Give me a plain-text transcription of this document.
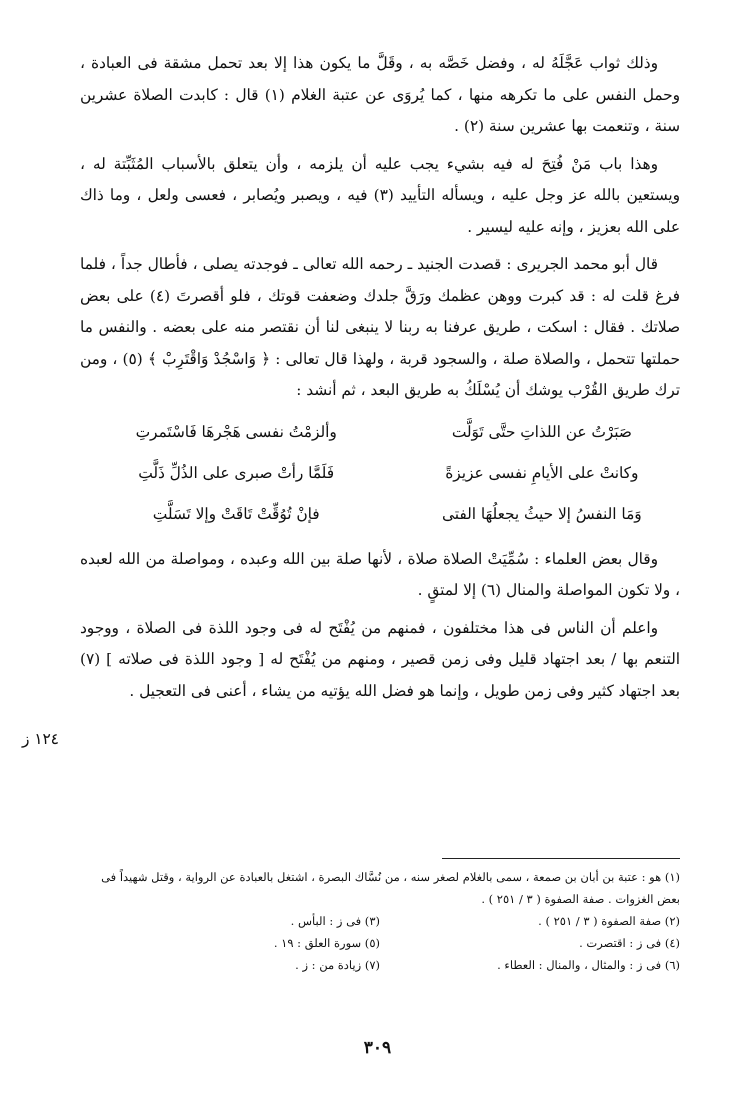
وذلك ثواب عَجَّلَهُ له ، وفضل خَصَّه به ، وقَلَّ ما يكون هذا إلا بعد تحمل مشقة فى العبادة ، وحمل النفس على ما تكرهه منها ، كما يُروَى عن عتبة الغلام (١) قال : كابدت الصلاة عشرين سنة ، وتنعمت بها عشرين سنة (٢) .

وهذا باب مَنْ فُتِحَ له فيه بشيء يجب عليه أن يلزمه ، وأن يتعلق بالأسباب المُثَبِّتة له ، ويستعين بالله عز وجل عليه ، ويسأله التأييد (٣) فيه ، ويصبر ويُصابر ، فعسى ولعل ، وما ذاك على الله بعزيز ، وإنه عليه ليسير .

قال أبو محمد الجريرى : قصدت الجنيد ـ رحمه الله تعالى ـ فوجدته يصلى ، فأطال جداً ، فلما فرغ قلت له : قد كبرت ووهن عظمك ورَقَّ جلدك وضعفت قوتك ، فلو أقصرتَ (٤) على بعض صلاتك . فقال : اسكت ، طريق عرفنا به ربنا لا ينبغى لنا أن نقتصر منه على بعضه . والنفس ما حملتها تتحمل ، والصلاة صلة ، والسجود قربة ، ولهذا قال تعالى : ﴿ وَاسْجُدْ وَاقْتَرِبْ ﴾ (٥) ، ومن ترك طريق القُرْب يوشك أن يُسْلَكُ به طريق البعد ، ثم أنشد :

صَبَرْتُ عن اللذاتِ حتَّى تَوَلَّت
وألزمْتُ نفسى هَجْرهَا فَاسْتَمرتِ
وكانتْ على الأيامِ نفسى عزيزةً
فَلَمَّا رأتْ صبرى على الذُلِّ ذَلَّتِ
وَمَا النفسُ إلا حيثُ يجعلُهَا الفتى
فإنْ تُوُقِّتْ تَاقَتْ وإلا تَسَلَّتِ

وقال بعض العلماء : سُمِّيَتْ الصلاة صلاة ، لأنها صلة بين الله وعبده ، ومواصلة من الله لعبده ، ولا تكون المواصلة والمنال (٦) إلا لمتقٍ .

واعلم أن الناس فى هذا مختلفون ، فمنهم من يُفْتَح له فى وجود اللذة فى الصلاة ، ووجود التنعم بها / بعد اجتهاد قليل وفى زمن قصير ، ومنهم من يُفْتَح له [ وجود اللذة فى صلاته ] (٧) بعد اجتهاد كثير وفى زمن طويل ، وإنما هو فضل الله يؤتيه من يشاء ، أعنى فى التعجيل .

١٢٤ ز

(١) هو : عتبة بن أبان بن صمعة ، سمى بالغلام لصغر سنه ، من نُسَّاك البصرة ، اشتغل بالعبادة عن الرواية ، وقتل شهيداً فى بعض الغزوات . صفة الصفوة ( ٣ / ٢٥١ ) .

(٢) صفة الصفوة ( ٣ / ٢٥١ ) .
(٣) فى ز : البأس .
(٤) فى ز : اقتصرت .
(٥) سورة العلق : ١٩ .
(٦) فى ز : والمثال ، والمنال : العطاء .
(٧) زيادة من : ز .
٣٠٩
